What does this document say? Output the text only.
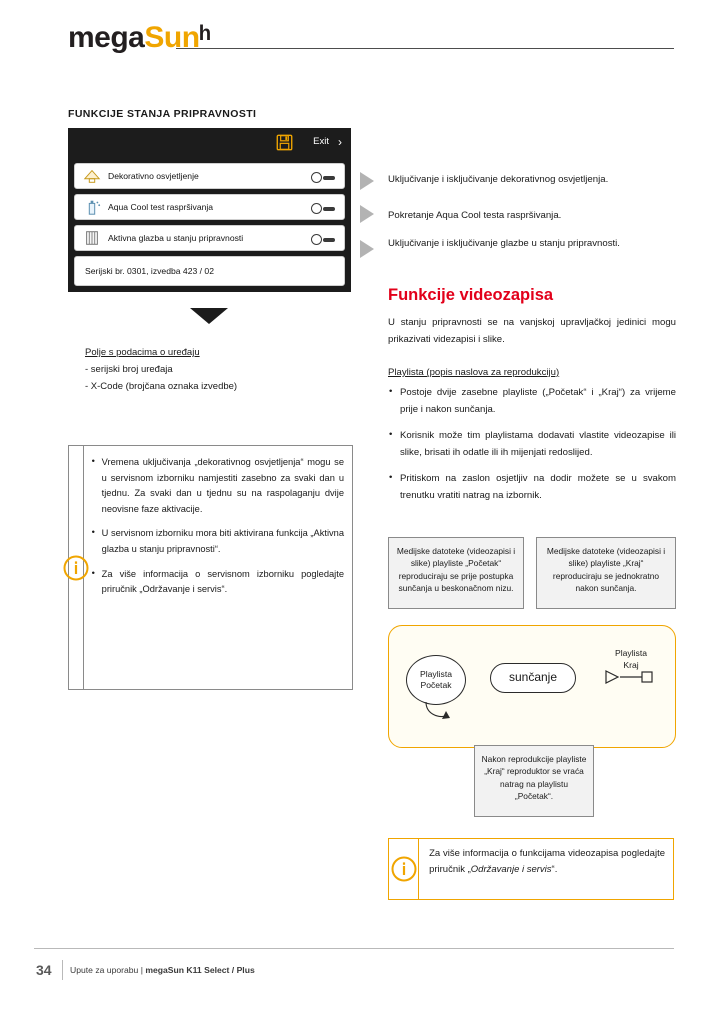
megaSunʰ
FUNKCIJE STANJA PRIPRAVNOSTI
Exit ›
Dekorativno osvjetljenje
Aqua Cool test raspršivanja
Aktivna glazba u stanju pripravnosti
Serijski br. 0301, izvedba 423 / 02
Polje s podacima o uređaju
- serijski broj uređaja
- X-Code (brojčana oznaka izvedbe)
• Vremena uključivanja „dekorativnog osvjetljenja“ mogu se u servisnom izborniku namjestiti zasebno za svaki dan u tjednu. Za svaki dan u tjednu su na raspolaganju dvije neovisne faze aktivacije.
• U servisnom izborniku mora biti aktivirana funkcija „Aktivna glazba u stanju pripravnosti“.
• Za više informacija o servisnom izborniku pogledajte priručnik „Održavanje i servis“.
Uključivanje i isključivanje dekorativnog osvjetljenja.
Pokretanje Aqua Cool testa raspršivanja.
Uključivanje i isključivanje glazbe u stanju pripravnosti.
Funkcije videozapisa
U stanju pripravnosti se na vanjskoj upravljačkoj jedinici mogu prikazivati videzapisi i slike.
Playlista (popis naslova za reprodukciju)
• Postoje dvije zasebne playliste („Početak“ i „Kraj“) za vrijeme prije i nakon sunčanja.
• Korisnik može tim playlistama dodavati vlastite videozapise ili slike, brisati ih odatle ili ih mijenjati redoslijed.
• Pritiskom na zaslon osjetljiv na dodir možete se u svakom trenutku vratiti natrag na izbornik.
Medijske datoteke (videozapisi i slike) playliste „Početak“ reproduciraju se prije postupka sunčanja u beskonačnom nizu.
Medijske datoteke (videozapisi i slike) playliste „Kraj“ reproduciraju se jednokratno nakon sunčanja.
Playlista
Početak
sunčanje
Playlista
Kraj
Nakon reprodukcije playliste „Kraj“ reproduktor se vraća natrag na playlistu „Početak“.
Za više informacija o funkcijama videozapisa pogledajte priručnik „Održavanje i servis“.
34 Upute za uporabu | megaSun K11 Select / Plus
